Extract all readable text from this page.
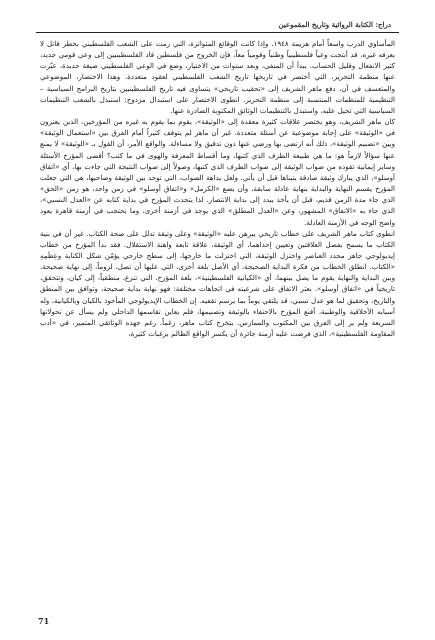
دراج: الكتابة الروائية وتاريخ المقموعين

المأساوي الدرب واسعاً أمام هزيمة ١٩٤٨. وإذا كانت الوقائع المتواترة، التي رمت على الشعب الفلسطيني بخطر قاتل لا يعرفه غيره، قد أنتجت وعياً فلسطينياً وطنياً وقومياً معاً، فإن الخروج من فلسطين قاد الفلسطينيين إلى وعي قومي جديد، كثير الانفعال وقليل الحساب. يبدأ أن المنفى، وبعد سنوات من الاختيار، وضع في الوعي الفلسطيني صيغة جديدة، عبّرت عنها منظمة التحرير، التي أختصر في تاريخها تاريخ الشعب الفلسطيني لعقود متعددة. وهذا الاختصار، الموضوعي والمتعسف في آن، دفع ماهر الشريف إلى «تحقيب تاريخي» يتساوى فيه تاريخ الفلسطينيين بتاريخ البرامج السياسية – التنظيمية للمنظمات المنتسبة إلى منظمة التحرير. انطوى الاختصار على استبدال مزدوج: استبدل بالشعب التنظيمات السياسية التي تحيل عليه، واستبدل بالتنظيمات الوثائق المكتوبة الصادرة عنها.

كان ماهر الشريف، وهو يختصر علاقات كثيرة معقدة إلى «الوثيقة»، يقوم بما يقوم به غيره من المؤرخين، الذين يعترون في «الوثيقة» على إجابة موضوعية عن أسئلة متعددة. غير أن ماهر لم يتوقف كثيراً أمام الفرق بين «استعمال الوثيقة» وبين «تصنيم الوثيقة»، ذلك أنه ارتضى بها ورضي عنها دون تدقيق ولا مساءلة. والواقع الأمر، أن القول بـ «الوثيقة» لا يمنع عنها سؤالاً لازماً هو: ما هي طبيعة الطرف الذي كتبها، وما أقساط المعرفة والهوى في ما كتب؟ أقصى المؤرخ الأسئلة وساير إيمانية تقوده من صواب الوثيقة إلى صواب الطرف الذي كتبها، وصولاً إلى صواب النتيجة التي جاءت بها، أي «اتفاق أوسلو»، الذي يبارك وثيقة صادقة يتبناها قبل أن يأتي. ولعل يداهة الصواب، التي توحد بين الوثيقة وصاحبها، هي التي جعلت المؤرخ يقسم النهاية والبداية بنهاية عادلة سابقة، وأن يضع «الكرمل» و«اتفاق أوسلو» في زمن واحد، هو زمن «الحق» الذي جاء مدة الزمن قديم، قبل أن يأخذ يبدد إلى بداية الانتصار. لذا يتحدث المؤرخ في بداية كتابه عن «العدل النسبي»، الذي جاء به «الاتفاق» المشهور، وعن «العدل المطلق» الذي يوجد في أزمنة أخرى، وما يحتجب في أزمنة قاهرة يعود واضح الوجه في الأزمنة العادلة.

انطوى كتاب ماهر الشريف على خطاب تاريخي يبرهن عليه «الوثيقة» وعلى وثيقة تدلل على صحة الكتاب. غير أن في بنية الكتاب ما يسمح بفصل العلاقتين وتعيين إحداهما، أي الوثيقة، علاقة تابعة واهنة الاستقلال. فقد بدأ المؤرخ من خطاب إيديولوجي جاهز محدد العناصر واختزل الوثيقة، التي اختزلت ما خارجها، إلى سطح خارجي يؤمّن شكل الكتابة وعِظَمِهِ «الكتاب. انطلق الخطاب من فكرة البداية الصحيحة، أي الأصل بلغة أخرى، التي عليها أن تصل، لزوماً، إلى نهاية صحيحة. وبين البداية والنهاية يقوم ما يصل بينهما، أي «الكيانية الفلسطينية»، بلغة المؤرخ، التي تنزع، منطقياً، إلى كيان، وتتحقق، تاريخياً في «اتفاق أوسلو». بعثر الاتفاق على شرعيته في اتجاهات مختلفة: فهو نهاية بداية صحيحة، وتوافق بين المنطق والتاريخ، وتحقيق لما هو عدل نسبي، قد يلتقي يوماً بما يرسم تقفيه. إن الخطاب الإيديولوجي المأخوذ بالكيان وبالكيانية، وله أسبابه الأخلاقية والوطنية، أقنع المؤرخ بالاحتفاء بالوثيقة وتصنيمها، فلم يعاين تقاسمها الداخلي ولم يسأل عن تحولاتها السريعة ولم ير إلى الفرق بين المكتوب والممارس. يتخرج كتاب ماهر، رغماً، رغم جهده الوثائقي المتميز، في «أدب المقاومة الفلسطينية»، الذي فرضت عليه أزمنة جائرة أن يكسر الواقع الظالم برغبات كثيرة،

71
